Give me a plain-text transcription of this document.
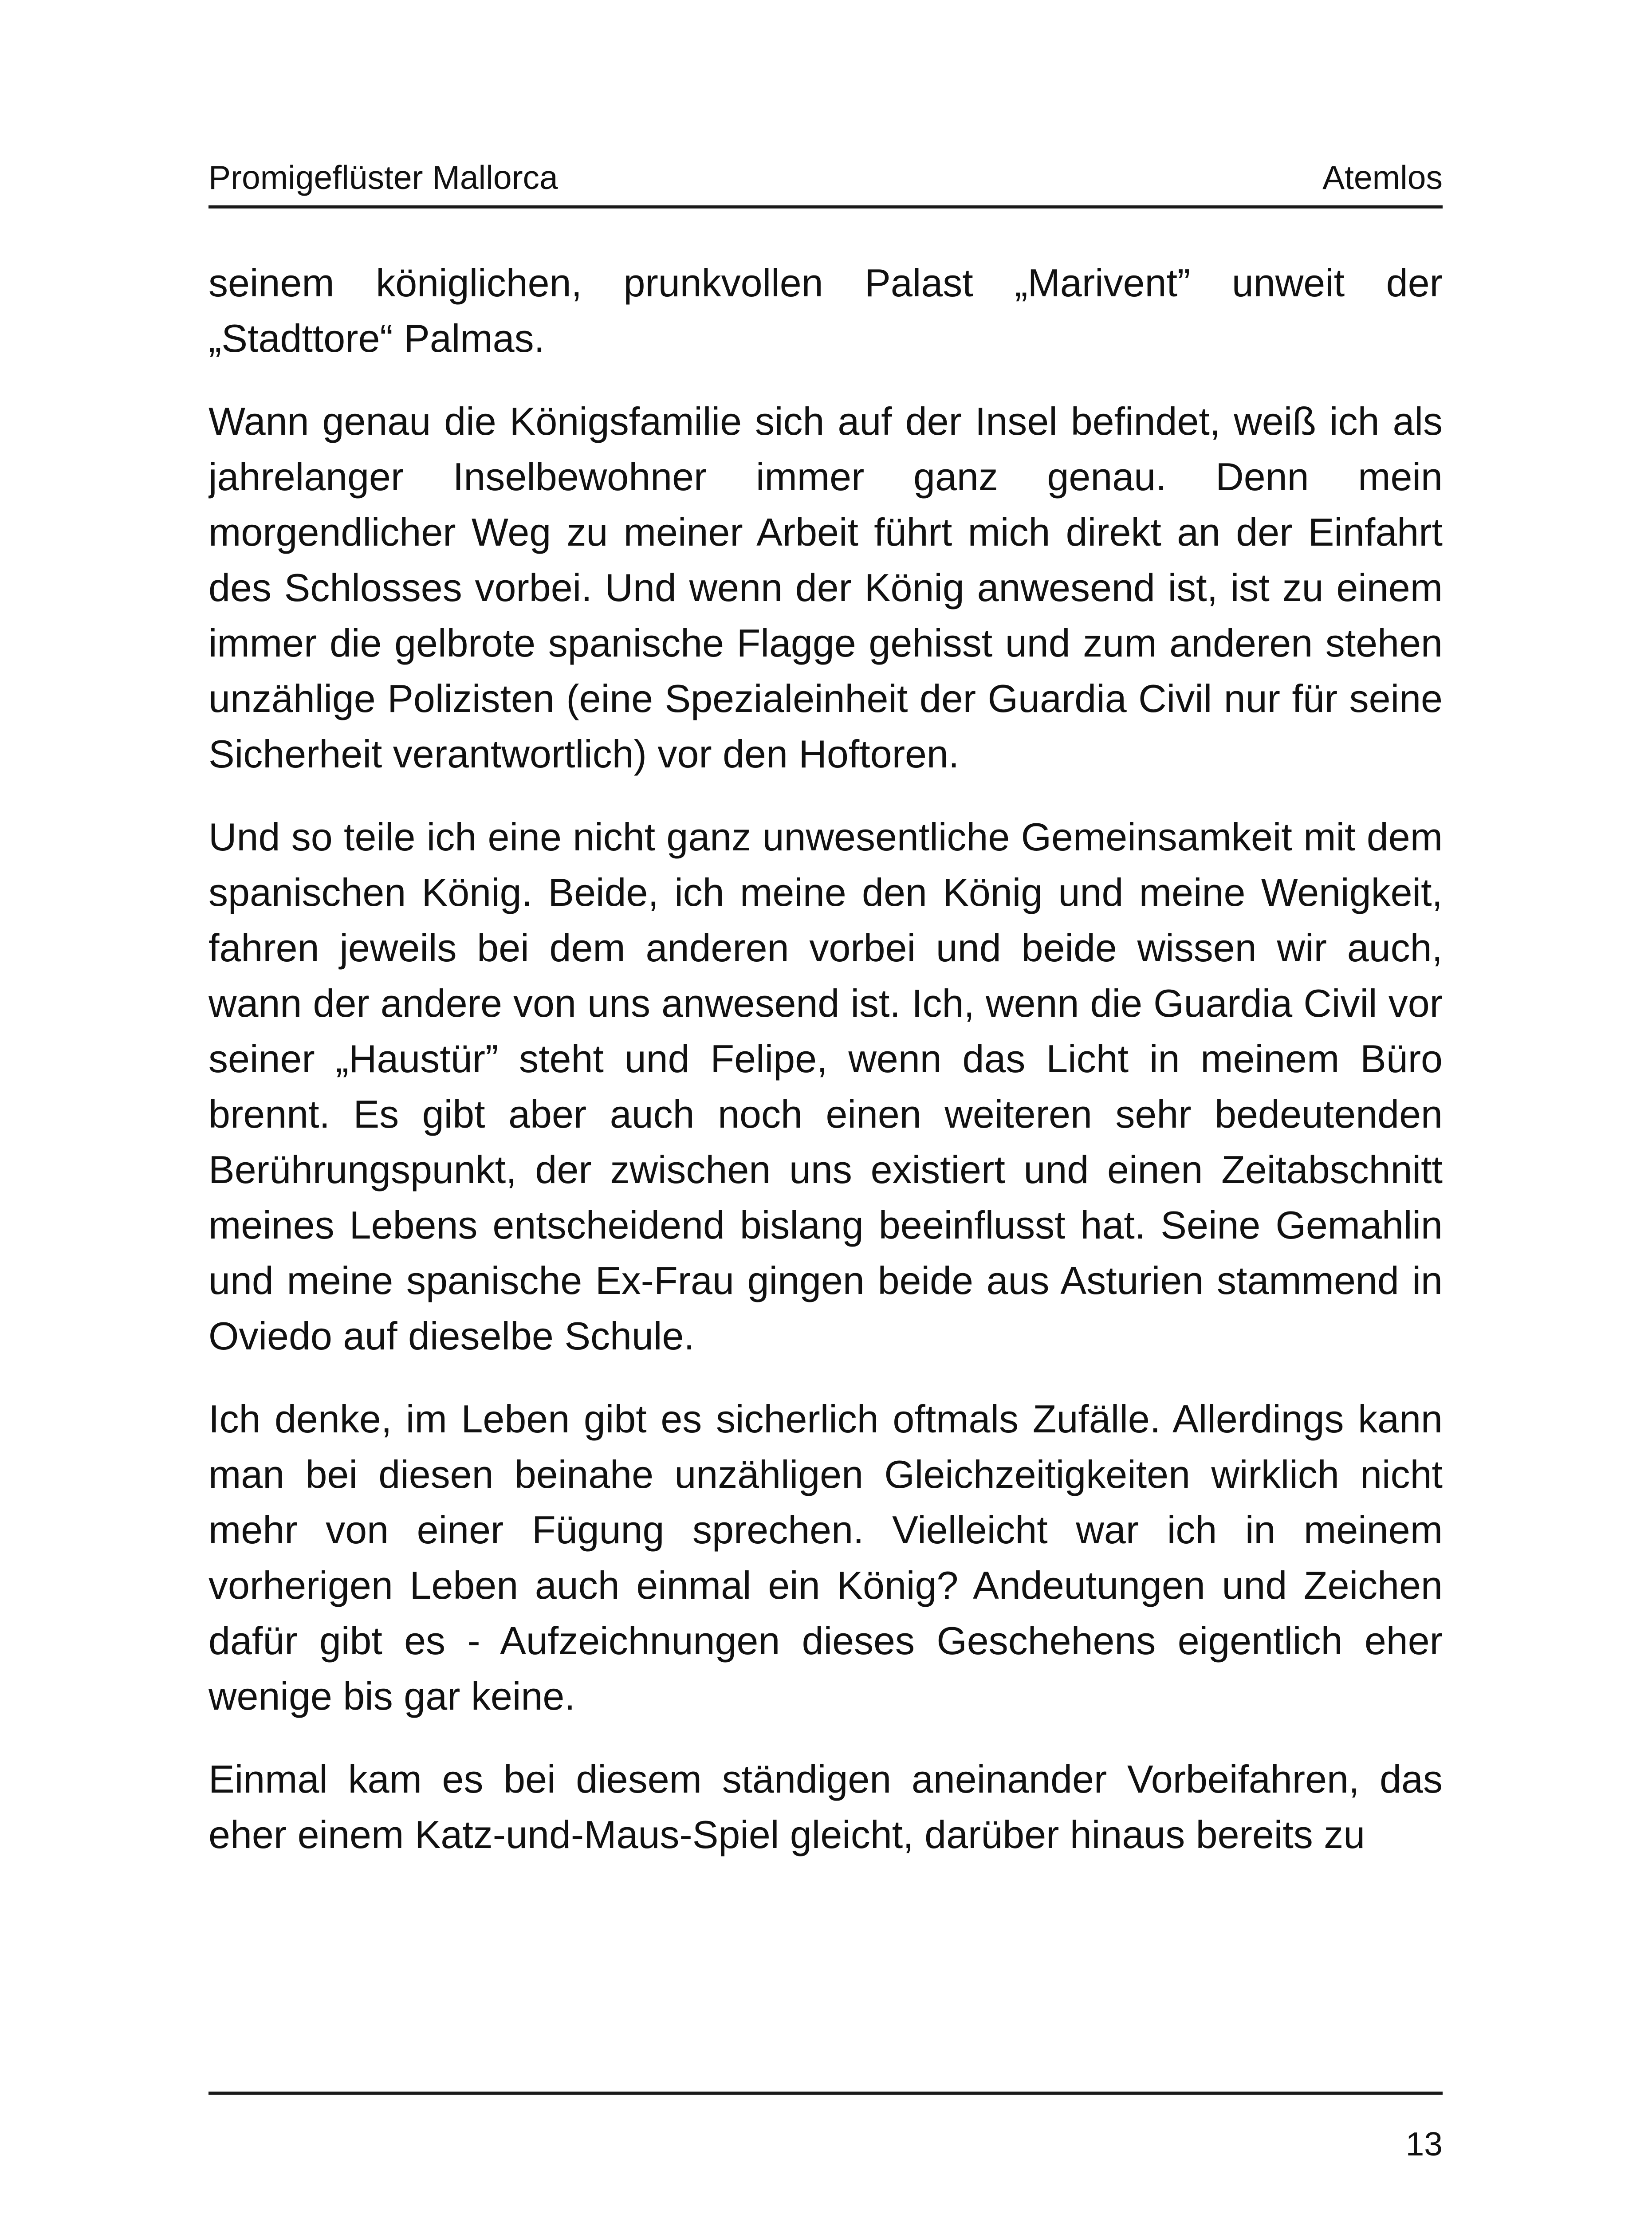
Promigeflüster Mallorca	Atemlos

seinem königlichen, prunkvollen Palast „Marivent” unweit der „Stadttore“ Palmas.

Wann genau die Königsfamilie sich auf der Insel befindet, weiß ich als jahrelanger Inselbewohner immer ganz genau. Denn mein morgendlicher Weg zu meiner Arbeit führt mich direkt an der Einfahrt des Schlosses vorbei. Und wenn der König anwesend ist, ist zu einem immer die gelbrote spanische Flagge gehisst und zum anderen stehen unzählige Polizisten (eine Spezialeinheit der Guardia Civil nur für seine Sicherheit verantwortlich) vor den Hoftoren.

Und so teile ich eine nicht ganz unwesentliche Gemeinsamkeit mit dem spanischen König. Beide, ich meine den König und meine Wenigkeit, fahren jeweils bei dem anderen vorbei und beide wissen wir auch, wann der andere von uns anwesend ist. Ich, wenn die Guardia Civil vor seiner „Haustür” steht und Felipe, wenn das Licht in meinem Büro brennt. Es gibt aber auch noch einen weiteren sehr bedeutenden Berührungspunkt, der zwischen uns existiert und einen Zeitabschnitt meines Lebens entscheidend bislang beeinflusst hat. Seine Gemahlin und meine spanische Ex-Frau gingen beide aus Asturien stammend in Oviedo auf dieselbe Schule.

Ich denke, im Leben gibt es sicherlich oftmals Zufälle. Allerdings kann man bei diesen beinahe unzähligen Gleichzeitigkeiten wirklich nicht mehr von einer Fügung sprechen. Vielleicht war ich in meinem vorherigen Leben auch einmal ein König? Andeutungen und Zeichen dafür gibt es - Aufzeichnungen dieses Geschehens eigentlich eher wenige bis gar keine.

Einmal kam es bei diesem ständigen aneinander Vorbeifahren, das eher einem Katz-und-Maus-Spiel gleicht, darüber hinaus bereits zu

13
